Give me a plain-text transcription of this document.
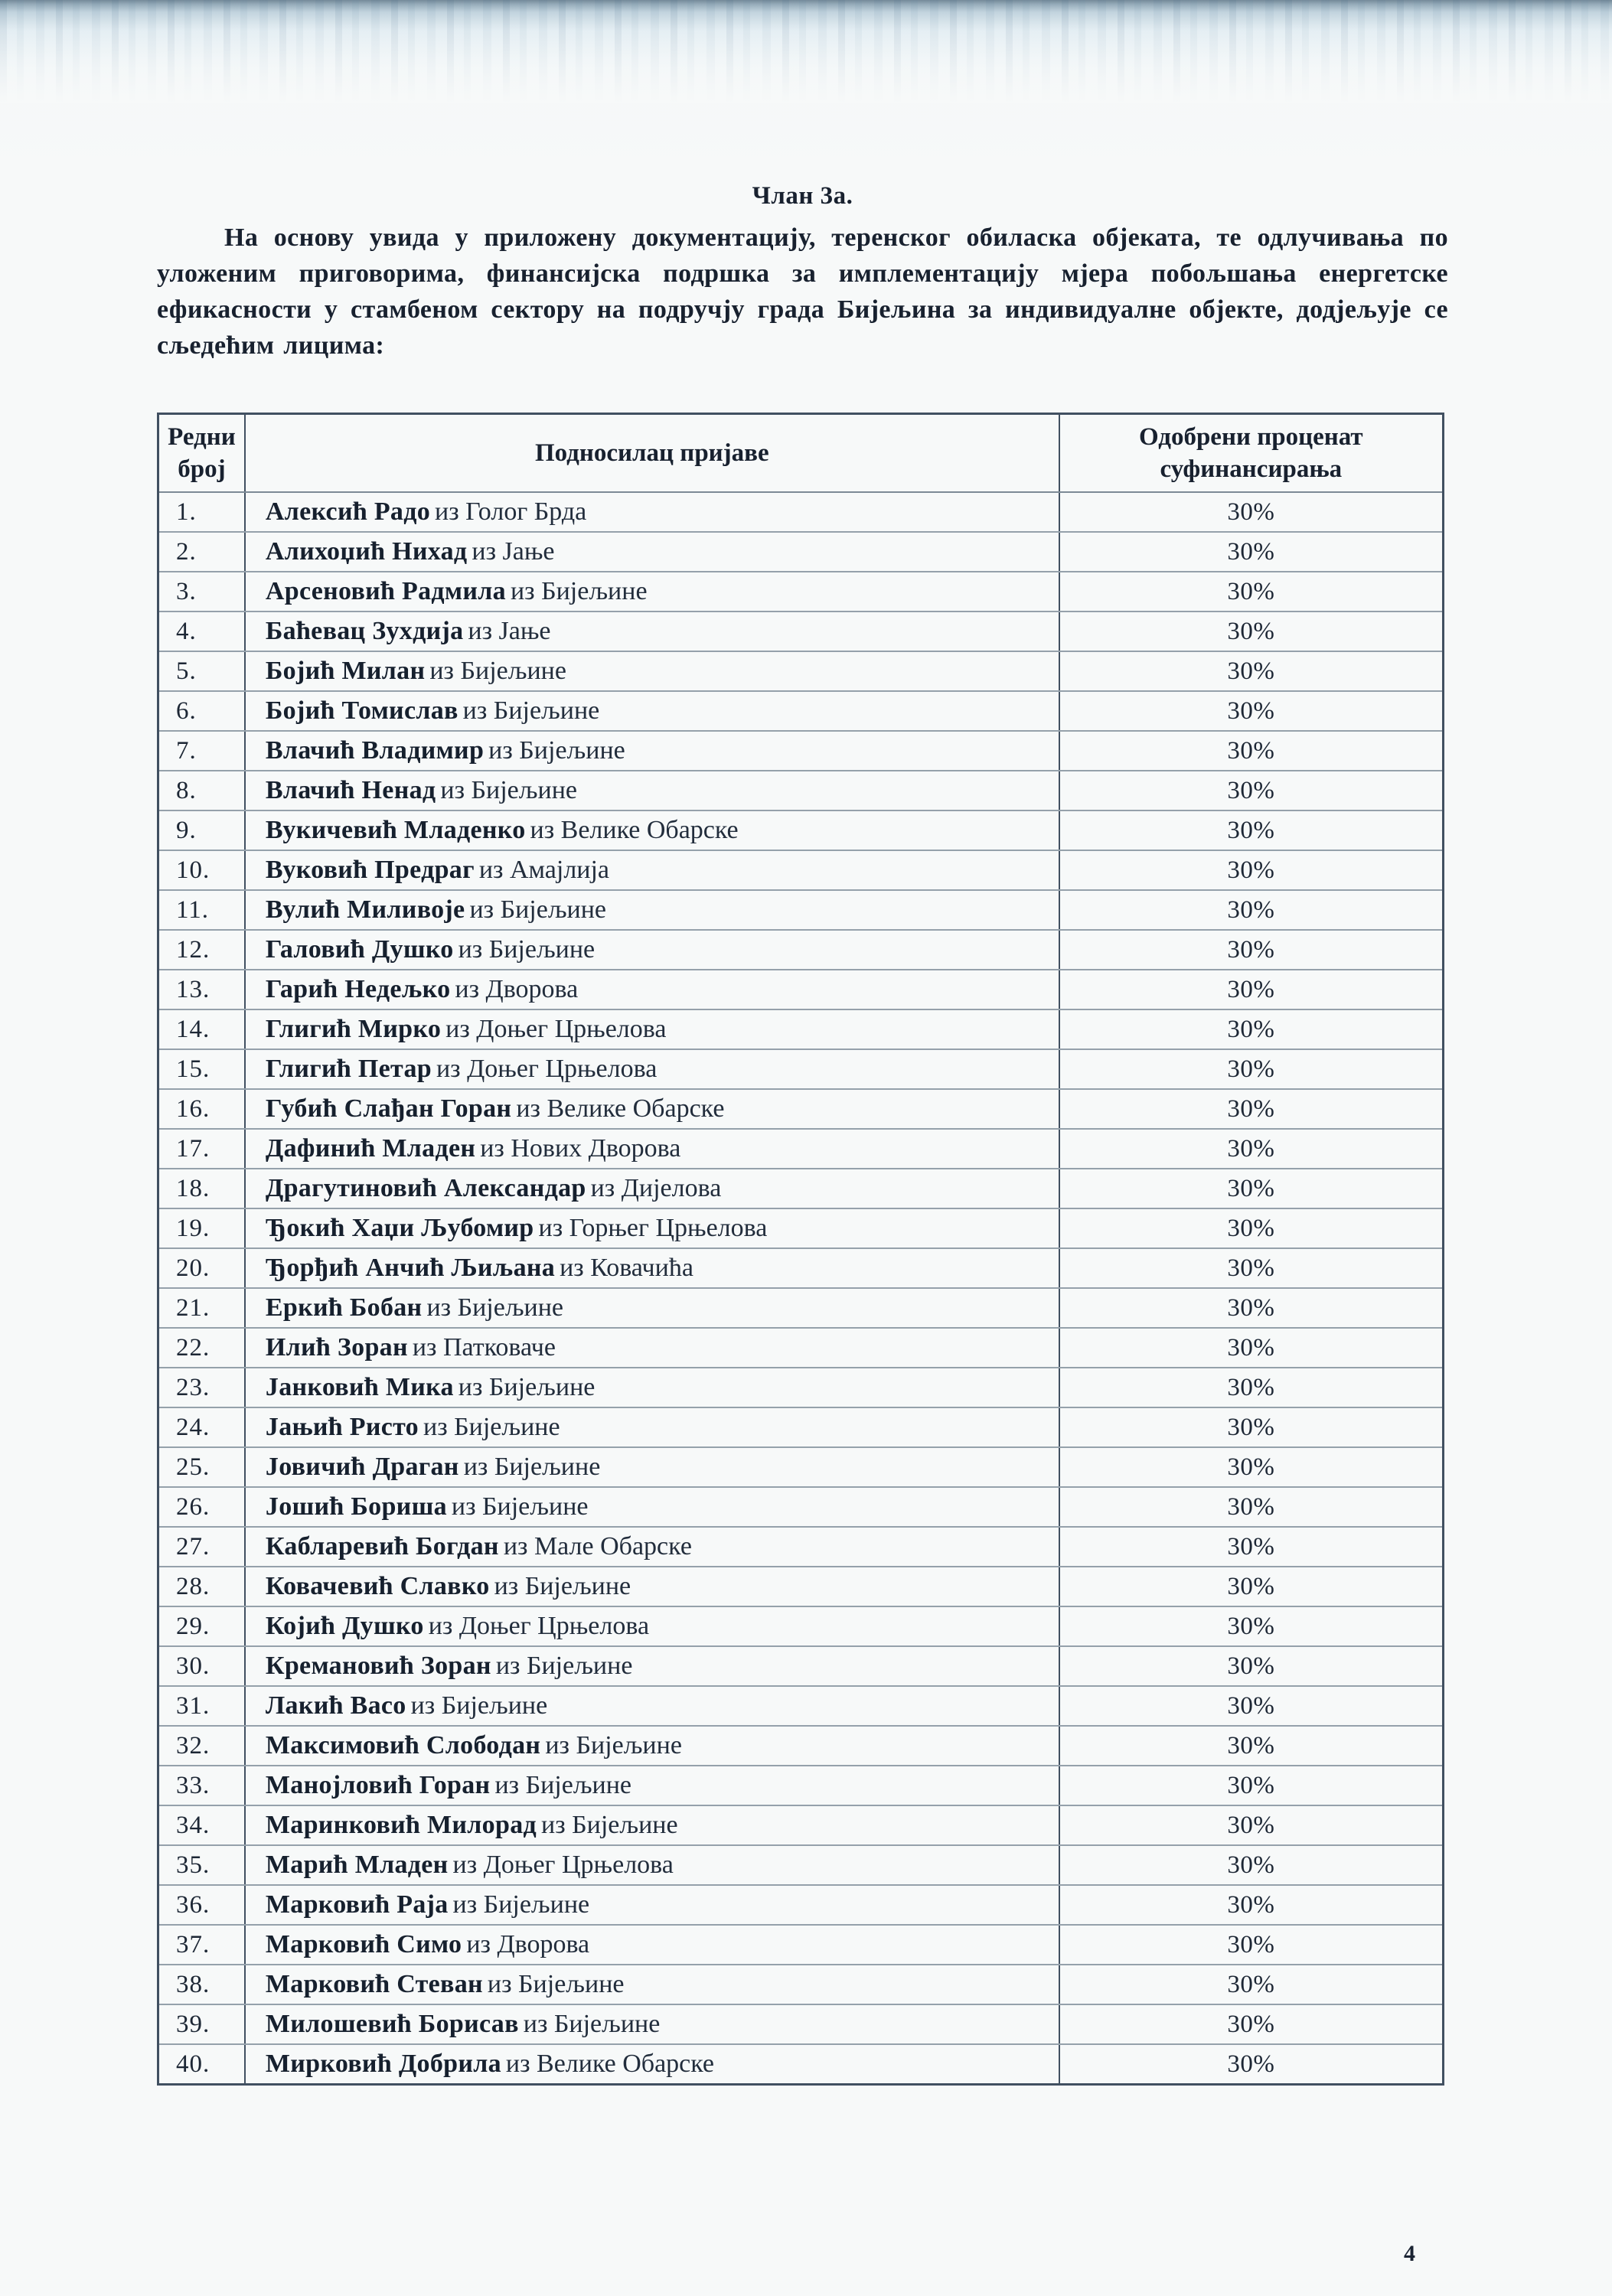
Члан 3а.

На основу увида у приложену документацију, теренског обиласка објеката, те одлучивања по уложеним приговорима, финансијска подршка за имплементацију мјера побољшања енергетске ефикасности у стамбеном сектору на подручју града Бијељина за индивидуалне објекте, додјељује се сљедећим лицима:

Редни број	Подносилац пријаве	Одобрени проценат суфинансирања
1.	Алексић Радо из Голог Брда	30%
2.	Алихоџић Нихад из Јање	30%
3.	Арсеновић Радмила из Бијељине	30%
4.	Баћевац Зухдија из Јање	30%
5.	Бојић Милан из Бијељине	30%
6.	Бојић Томислав из Бијељине	30%
7.	Влачић Владимир из Бијељине	30%
8.	Влачић Ненад из Бијељине	30%
9.	Вукичевић Младенко из Велике Обарске	30%
10.	Вуковић Предраг из Амајлија	30%
11.	Вулић Миливоје из Бијељине	30%
12.	Галовић Душко из Бијељине	30%
13.	Гарић Недељко из Дворова	30%
14.	Глигић Мирко из Доњег Црњелова	30%
15.	Глигић Петар из Доњег Црњелова	30%
16.	Губић Слађан Горан из Велике Обарске	30%
17.	Дафинић Младен из Нових Дворова	30%
18.	Драгутиновић Александар из Дијелова	30%
19.	Ђокић Хаџи Љубомир из Горњег Црњелова	30%
20.	Ђорђић Анчић Љиљана из Ковачића	30%
21.	Еркић Бобан из Бијељине	30%
22.	Илић Зоран из Патковаче	30%
23.	Јанковић Мика из Бијељине	30%
24.	Јањић Ристо из Бијељине	30%
25.	Јовичић Драган из Бијељине	30%
26.	Јошић Бориша из Бијељине	30%
27.	Кабларевић Богдан из Мале Обарске	30%
28.	Ковачевић Славко из Бијељине	30%
29.	Којић Душко из Доњег Црњелова	30%
30.	Кремановић Зоран из Бијељине	30%
31.	Лакић Васо из Бијељине	30%
32.	Максимовић Слободан из Бијељине	30%
33.	Манојловић Горан из Бијељине	30%
34.	Маринковић Милорад из Бијељине	30%
35.	Марић Младен из Доњег Црњелова	30%
36.	Марковић Раја из Бијељине	30%
37.	Марковић Симо из Дворова	30%
38.	Марковић Стеван из Бијељине	30%
39.	Милошевић Борисав из Бијељине	30%
40.	Мирковић Добрила из Велике Обарске	30%
4
